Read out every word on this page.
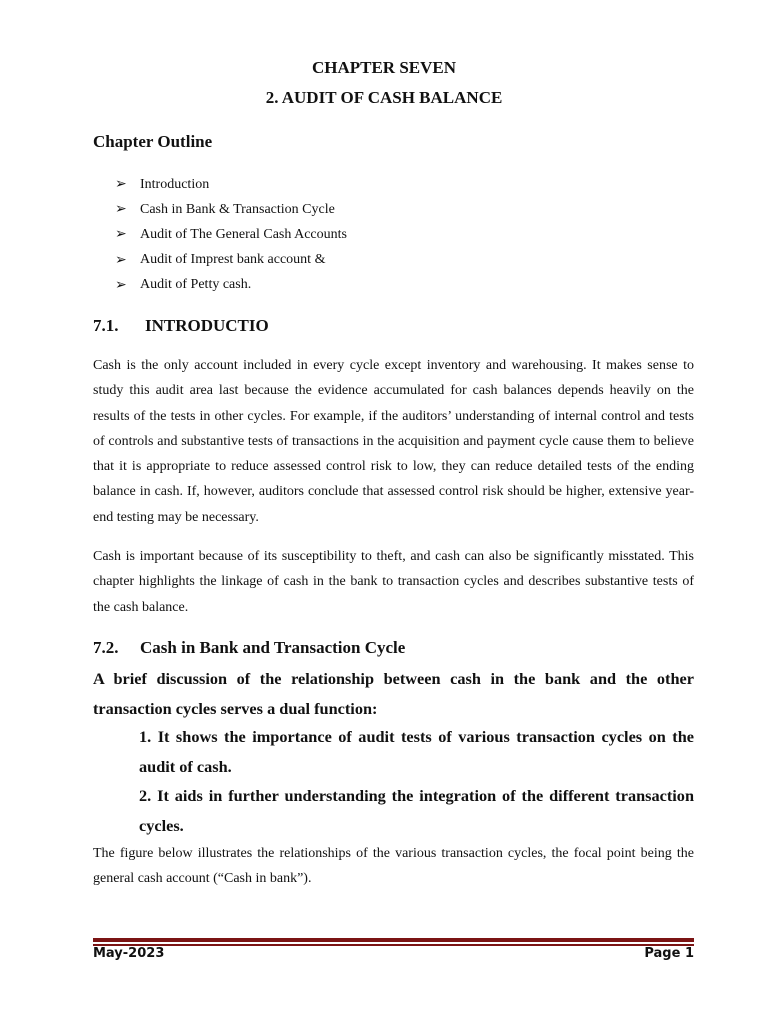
CHAPTER SEVEN
2. AUDIT OF CASH BALANCE
Chapter Outline
➢ Introduction
➢ Cash in Bank & Transaction Cycle
➢ Audit of The General Cash Accounts
➢ Audit of Imprest bank account &
➢ Audit of Petty cash.
7.1. INTRODUCTIO

Cash is the only account included in every cycle except inventory and warehousing. It makes sense to study this audit area last because the evidence accumulated for cash balances depends heavily on the results of the tests in other cycles. For example, if the auditors’ understanding of internal control and tests of controls and substantive tests of transactions in the acquisition and payment cycle cause them to believe that it is appropriate to reduce assessed control risk to low, they can reduce detailed tests of the ending balance in cash. If, however, auditors conclude that assessed control risk should be higher, extensive year-end testing may be necessary.

Cash is important because of its susceptibility to theft, and cash can also be significantly misstated. This chapter highlights the linkage of cash in the bank to transaction cycles and describes substantive tests of the cash balance.

7.2. Cash in Bank and Transaction Cycle

A brief discussion of the relationship between cash in the bank and the other transaction cycles serves a dual function:

1. It shows the importance of audit tests of various transaction cycles on the audit of cash.

2. It aids in further understanding the integration of the different transaction cycles.

The figure below illustrates the relationships of the various transaction cycles, the focal point being the general cash account (“Cash in bank”).

May-2023	Page 1
